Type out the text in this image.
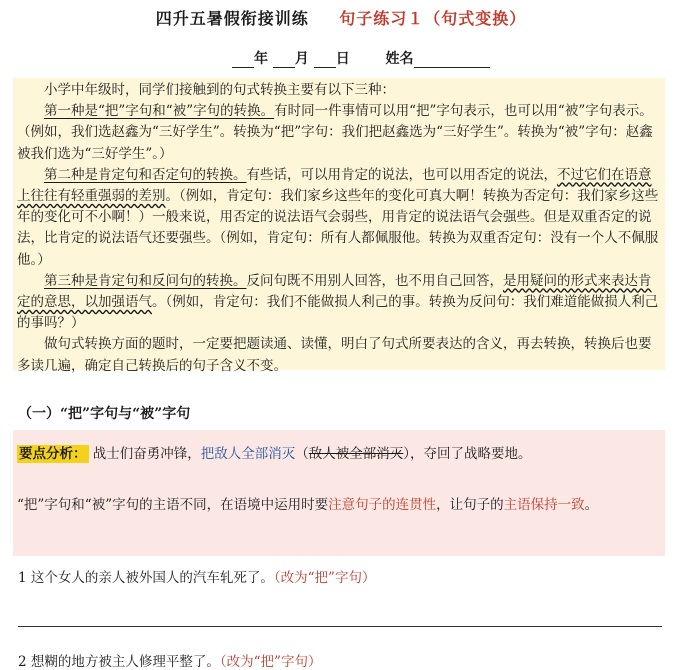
四升五暑假衔接训练 句子练习１（句式变换）
年 月 日	姓名

小学中年级时，同学们接触到的句式转换主要有以下三种：

第一种是“把”字句和“被”字句的转换。有时同一件事情可以用“把”字句表示，也可以用“被”字句表示。（例如，我们选赵鑫为“三好学生”。转换为“把”字句：我们把赵鑫选为“三好学生”。转换为“被”字句：赵鑫被我们选为“三好学生”。）

第二种是肯定句和否定句的转换。有些话，可以用肯定的说法，也可以用否定的说法，不过它们在语意上往往有轻重强弱的差别。（例如，肯定句：我们家乡这些年的变化可真大啊！转换为否定句：我们家乡这些年的变化可不小啊！）一般来说，用否定的说法语气会弱些，用肯定的说法语气会强些。但是双重否定的说法，比肯定的说法语气还要强些。（例如，肯定句：所有人都佩服他。转换为双重否定句：没有一个人不佩服他。）

第三种是肯定句和反问句的转换。反问句既不用别人回答，也不用自己回答，是用疑问的形式来表达肯定的意思，以加强语气。（例如，肯定句：我们不能做损人利己的事。转换为反问句：我们难道能做损人利己的事吗？）

做句式转换方面的题时，一定要把题读通、读懂，明白了句式所要表达的含义，再去转换，转换后也要多读几遍，确定自己转换后的句子含义不变。

（一）“把”字句与“被”字句
要点分析： 战士们奋勇冲锋，把敌人全部消灭（敌人被全部消灭），夺回了战略要地。
“把”字句和“被”字句的主语不同，在语境中运用时要注意句子的连贯性，让句子的主语保持一致。
1 这个女人的亲人被外国人的汽车轧死了。（改为“把”字句）
2 想糊的地方被主人修理平整了。（改为“把”字句）
